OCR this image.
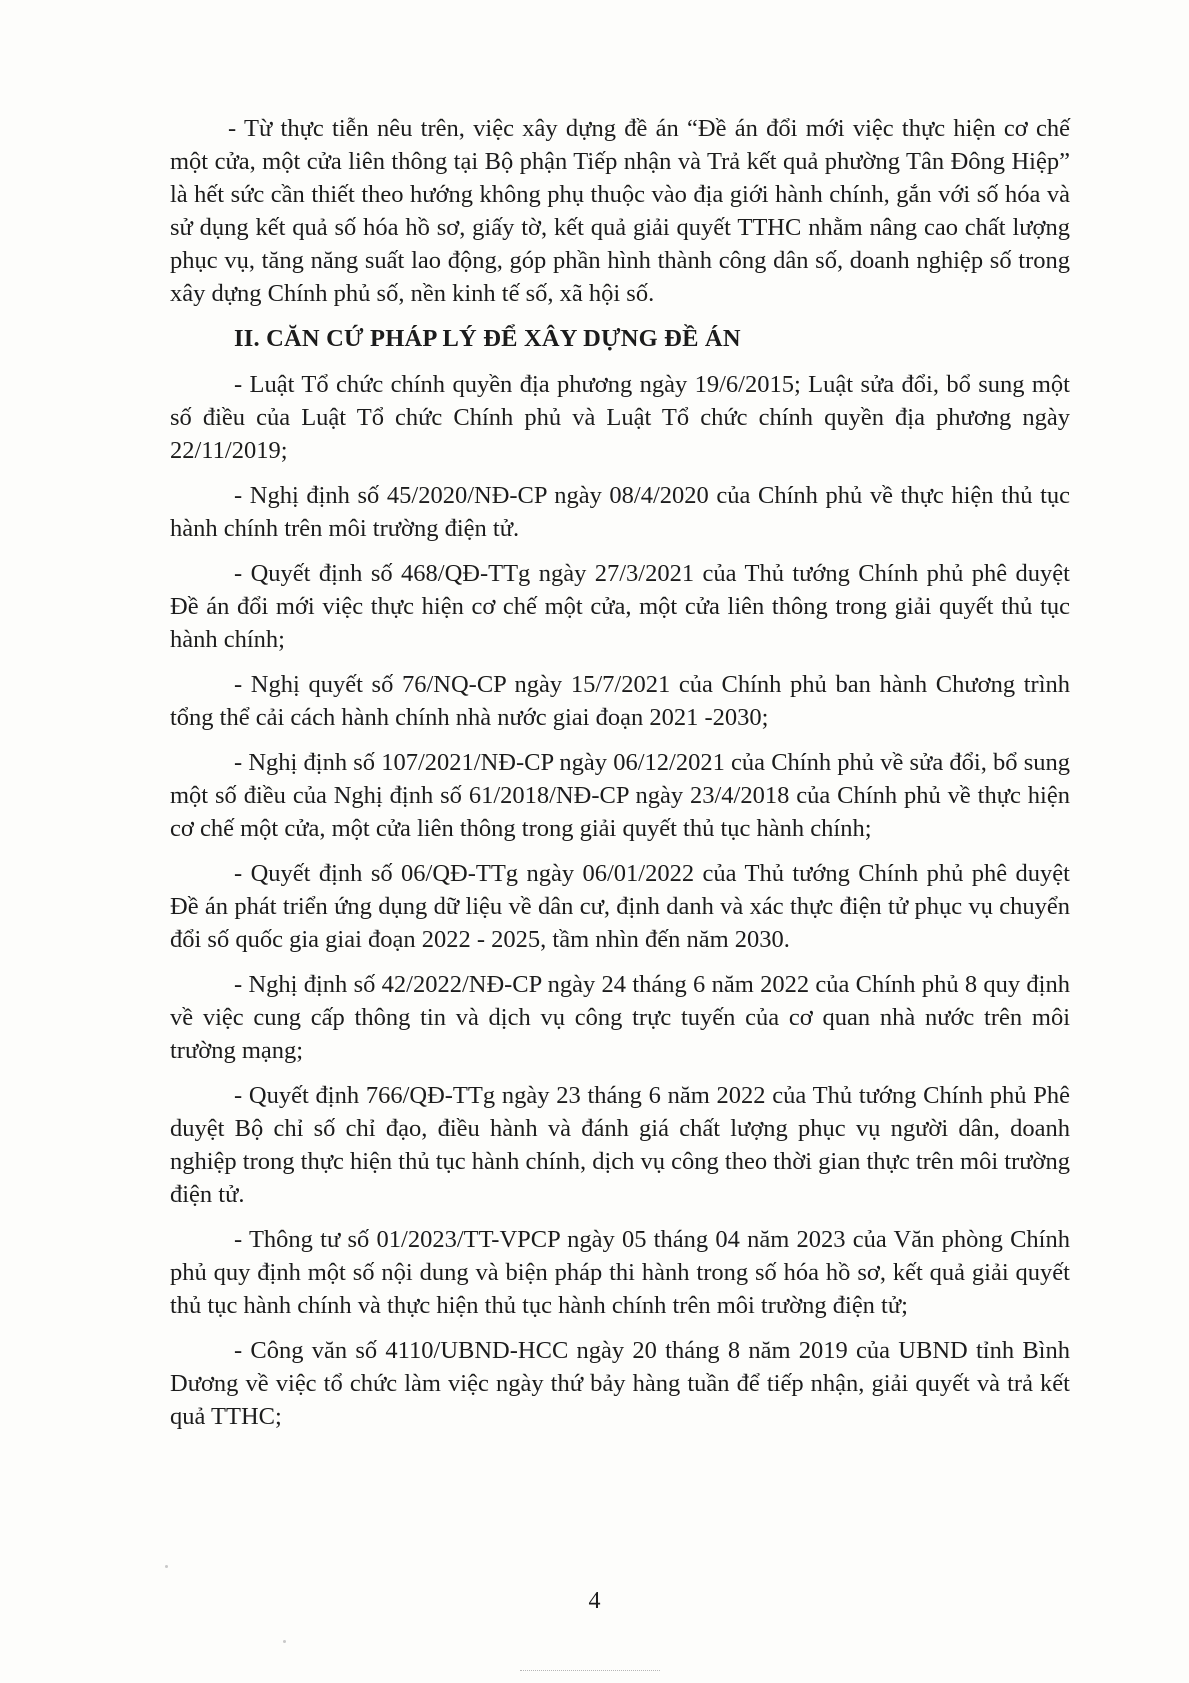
- Từ thực tiễn nêu trên, việc xây dựng đề án “Đề án đổi mới việc thực hiện cơ chế một cửa, một cửa liên thông tại Bộ phận Tiếp nhận và Trả kết quả phường Tân Đông Hiệp” là hết sức cần thiết theo hướng không phụ thuộc vào địa giới hành chính, gắn với số hóa và sử dụng kết quả số hóa hồ sơ, giấy tờ, kết quả giải quyết TTHC nhằm nâng cao chất lượng phục vụ, tăng năng suất lao động, góp phần hình thành công dân số, doanh nghiệp số trong xây dựng Chính phủ số, nền kinh tế số, xã hội số.

II. CĂN CỨ PHÁP LÝ ĐỂ XÂY DỰNG ĐỀ ÁN

- Luật Tổ chức chính quyền địa phương ngày 19/6/2015; Luật sửa đổi, bổ sung một số điều của Luật Tổ chức Chính phủ và Luật Tổ chức chính quyền địa phương ngày 22/11/2019;

- Nghị định số 45/2020/NĐ-CP ngày 08/4/2020 của Chính phủ về thực hiện thủ tục hành chính trên môi trường điện tử.

- Quyết định số 468/QĐ-TTg ngày 27/3/2021 của Thủ tướng Chính phủ phê duyệt Đề án đổi mới việc thực hiện cơ chế một cửa, một cửa liên thông trong giải quyết thủ tục hành chính;

- Nghị quyết số 76/NQ-CP ngày 15/7/2021 của Chính phủ ban hành Chương trình tổng thể cải cách hành chính nhà nước giai đoạn 2021 -2030;

- Nghị định số 107/2021/NĐ-CP ngày 06/12/2021 của Chính phủ về sửa đổi, bổ sung một số điều của Nghị định số 61/2018/NĐ-CP ngày 23/4/2018 của Chính phủ về thực hiện cơ chế một cửa, một cửa liên thông trong giải quyết thủ tục hành chính;

- Quyết định số 06/QĐ-TTg ngày 06/01/2022 của Thủ tướng Chính phủ phê duyệt Đề án phát triển ứng dụng dữ liệu về dân cư, định danh và xác thực điện tử phục vụ chuyển đổi số quốc gia giai đoạn 2022 - 2025, tầm nhìn đến năm 2030.

- Nghị định số 42/2022/NĐ-CP ngày 24 tháng 6 năm 2022 của Chính phủ 8 quy định về việc cung cấp thông tin và dịch vụ công trực tuyến của cơ quan nhà nước trên môi trường mạng;

- Quyết định 766/QĐ-TTg ngày 23 tháng 6 năm 2022 của Thủ tướng Chính phủ Phê duyệt Bộ chỉ số chỉ đạo, điều hành và đánh giá chất lượng phục vụ người dân, doanh nghiệp trong thực hiện thủ tục hành chính, dịch vụ công theo thời gian thực trên môi trường điện tử.

- Thông tư số 01/2023/TT-VPCP ngày 05 tháng 04 năm 2023 của Văn phòng Chính phủ quy định một số nội dung và biện pháp thi hành trong số hóa hồ sơ, kết quả giải quyết thủ tục hành chính và thực hiện thủ tục hành chính trên môi trường điện tử;

- Công văn số 4110/UBND-HCC ngày 20 tháng 8 năm 2019 của UBND tỉnh Bình Dương về việc tổ chức làm việc ngày thứ bảy hàng tuần để tiếp nhận, giải quyết và trả kết quả TTHC;

4
